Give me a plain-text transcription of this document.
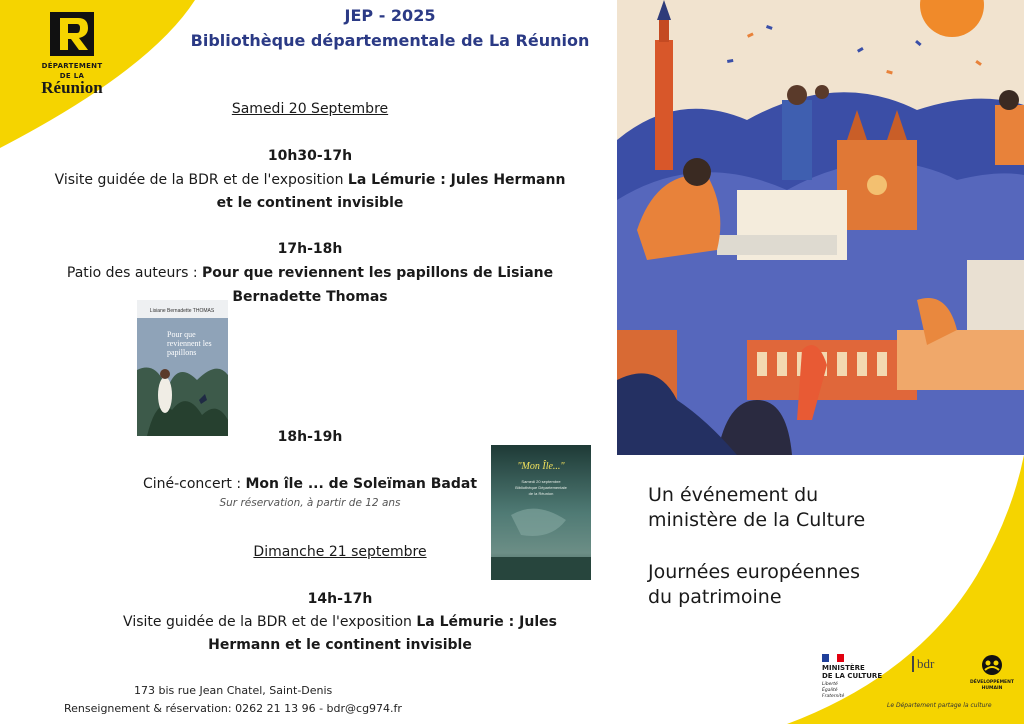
DÉPARTEMENT
DE LA
Réunion
JEP - 2025
Bibliothèque départementale de La Réunion
Samedi 20 Septembre
10h30-17h
Visite guidée de la BDR et de l'exposition La Lémurie : Jules Hermann
et le continent invisible
17h-18h
Patio des auteurs : Pour que reviennent les papillons de Lisiane
Bernadette Thomas
Lisiane Bernadette THOMAS
Pour que reviennent les papillons
18h-19h
Ciné-concert : Mon île ... de Soleïman Badat
Sur réservation, à partir de 12 ans
"Mon Île..."
Samedi 20 septembre
Bibliothèque Départementale
de la Réunion
Dimanche 21 septembre
14h-17h
Visite guidée de la BDR et de l'exposition La Lémurie : Jules
Hermann et le continent invisible
173 bis rue Jean Chatel, Saint-Denis
Renseignement & réservation: 0262 21 13 96 - bdr@cg974.fr
Un événement du
ministère de la Culture
Journées européennes
du patrimoine
MINISTÈRE
DE LA CULTURE
Liberté
Égalité
Fraternité
bdr
DÉVELOPPEMENT HUMAIN
Le Département partage la culture
